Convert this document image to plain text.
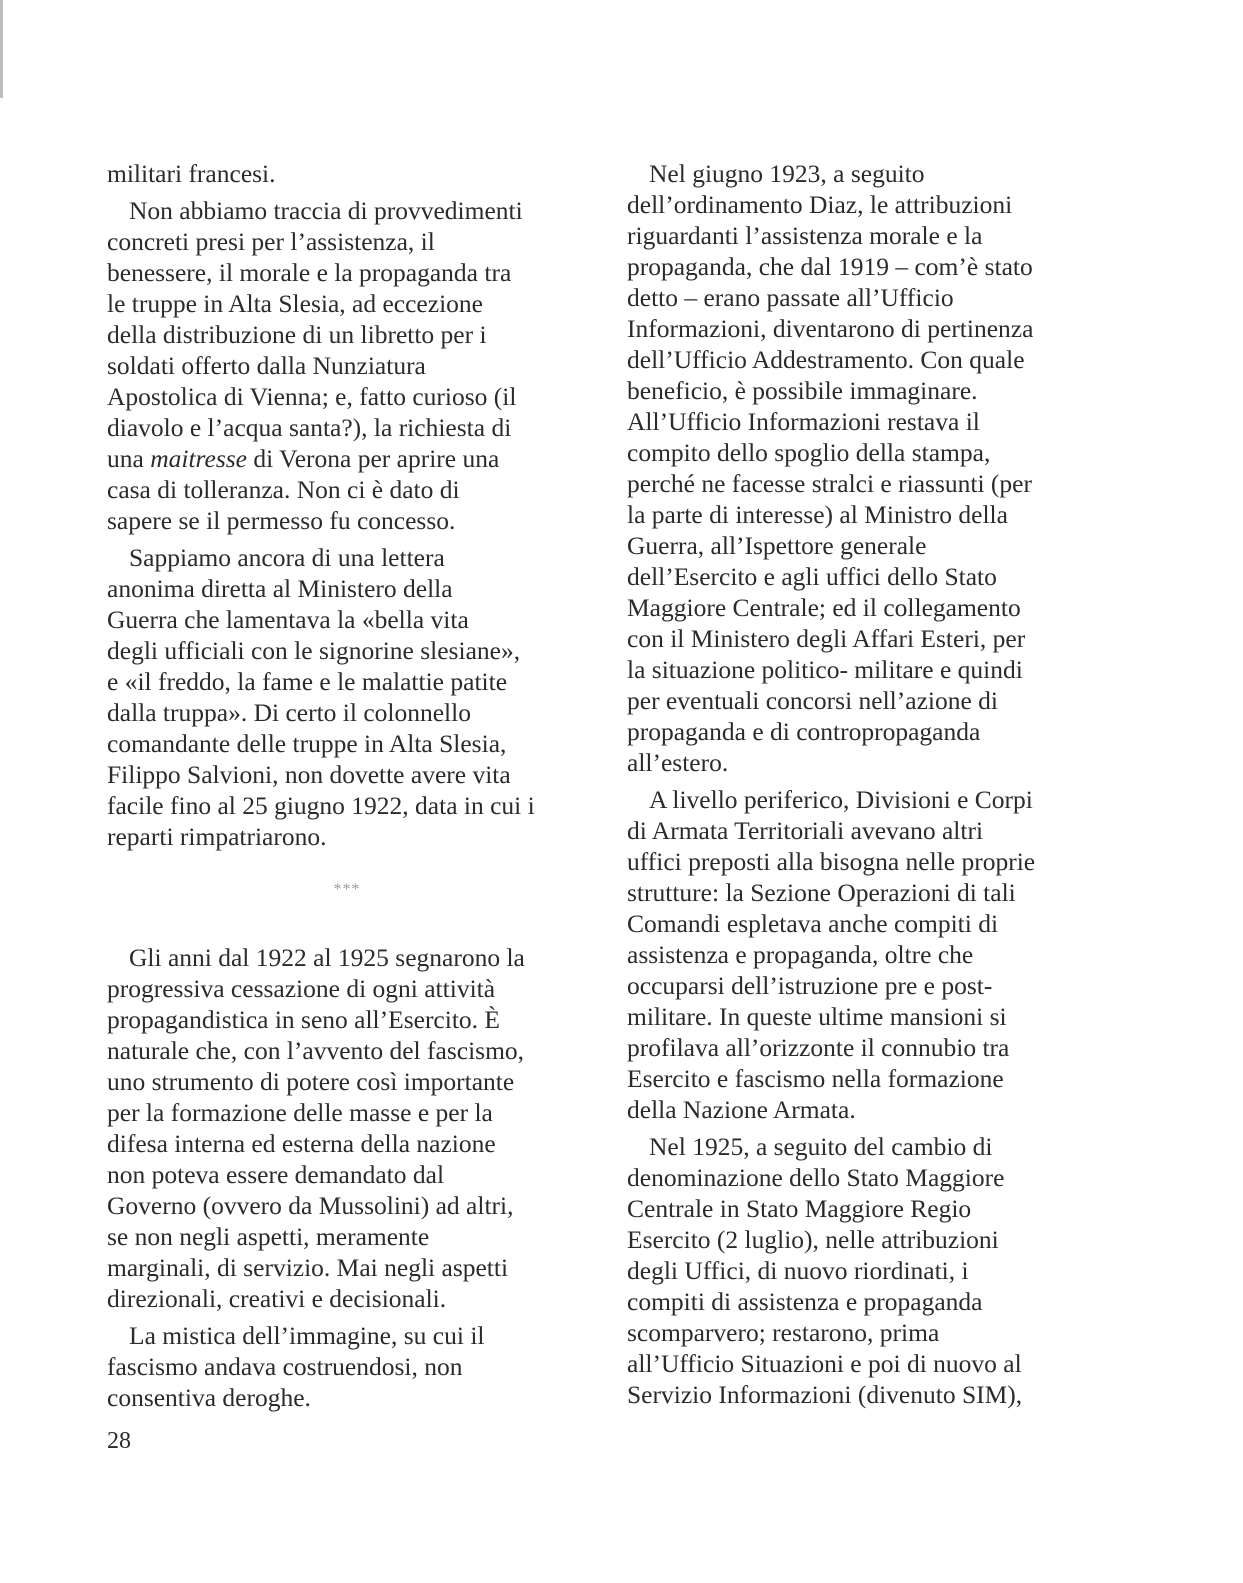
militari francesi.
Non abbiamo traccia di provvedimenti
concreti presi per l’assistenza, il
benessere, il morale e la propaganda tra
le truppe in Alta Slesia, ad eccezione
della distribuzione di un libretto per i
soldati offerto dalla Nunziatura
Apostolica di Vienna; e, fatto curioso (il
diavolo e l’acqua santa?), la richiesta di
una maitresse di Verona per aprire una
casa di tolleranza. Non ci è dato di
sapere se il permesso fu concesso.
Sappiamo ancora di una lettera
anonima diretta al Ministero della
Guerra che lamentava la «bella vita
degli ufficiali con le signorine slesiane»,
e «il freddo, la fame e le malattie patite
dalla truppa». Di certo il colonnello
comandante delle truppe in Alta Slesia,
Filippo Salvioni, non dovette avere vita
facile fino al 25 giugno 1922, data in cui i
reparti rimpatriarono.
***
Gli anni dal 1922 al 1925 segnarono la
progressiva cessazione di ogni attività
propagandistica in seno all’Esercito. È
naturale che, con l’avvento del fascismo,
uno strumento di potere così importante
per la formazione delle masse e per la
difesa interna ed esterna della nazione
non poteva essere demandato dal
Governo (ovvero da Mussolini) ad altri,
se non negli aspetti, meramente
marginali, di servizio. Mai negli aspetti
direzionali, creativi e decisionali.
La mistica dell’immagine, su cui il
fascismo andava costruendosi, non
consentiva deroghe.
Nel giugno 1923, a seguito
dell’ordinamento Diaz, le attribuzioni
riguardanti l’assistenza morale e la
propaganda, che dal 1919 – com’è stato
detto – erano passate all’Ufficio
Informazioni, diventarono di pertinenza
dell’Ufficio Addestramento. Con quale
beneficio, è possibile immaginare.
All’Ufficio Informazioni restava il
compito dello spoglio della stampa,
perché ne facesse stralci e riassunti (per
la parte di interesse) al Ministro della
Guerra, all’Ispettore generale
dell’Esercito e agli uffici dello Stato
Maggiore Centrale; ed il collegamento
con il Ministero degli Affari Esteri, per
la situazione politico- militare e quindi
per eventuali concorsi nell’azione di
propaganda e di contropropaganda
all’estero.
A livello periferico, Divisioni e Corpi
di Armata Territoriali avevano altri
uffici preposti alla bisogna nelle proprie
strutture: la Sezione Operazioni di tali
Comandi espletava anche compiti di
assistenza e propaganda, oltre che
occuparsi dell’istruzione pre e post-
militare. In queste ultime mansioni si
profilava all’orizzonte il connubio tra
Esercito e fascismo nella formazione
della Nazione Armata.
Nel 1925, a seguito del cambio di
denominazione dello Stato Maggiore
Centrale in Stato Maggiore Regio
Esercito (2 luglio), nelle attribuzioni
degli Uffici, di nuovo riordinati, i
compiti di assistenza e propaganda
scomparvero; restarono, prima
all’Ufficio Situazioni e poi di nuovo al
Servizio Informazioni (divenuto SIM),
28
